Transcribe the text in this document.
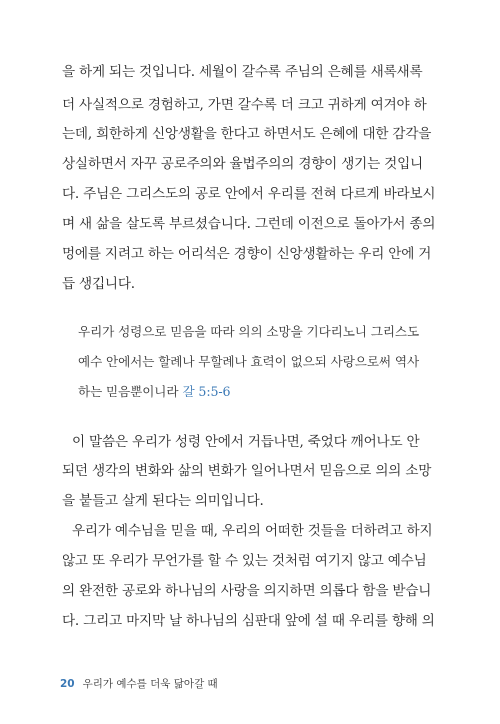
을 하게 되는 것입니다. 세월이 갈수록 주님의 은혜를 새록새록
더 사실적으로 경험하고, 가면 갈수록 더 크고 귀하게 여겨야 하
는데, 희한하게 신앙생활을 한다고 하면서도 은혜에 대한 감각을
상실하면서 자꾸 공로주의와 율법주의의 경향이 생기는 것입니
다. 주님은 그리스도의 공로 안에서 우리를 전혀 다르게 바라보시
며 새 삶을 살도록 부르셨습니다. 그런데 이전으로 돌아가서 종의
멍에를 지려고 하는 어리석은 경향이 신앙생활하는 우리 안에 거
듭 생깁니다.
우리가 성령으로 믿음을 따라 의의 소망을 기다리노니 그리스도
예수 안에서는 할례나 무할례나 효력이 없으되 사랑으로써 역사
하는 믿음뿐이니라 갈 5:5-6
이 말씀은 우리가 성령 안에서 거듭나면, 죽었다 깨어나도 안
되던 생각의 변화와 삶의 변화가 일어나면서 믿음으로 의의 소망
을 붙들고 살게 된다는 의미입니다.
우리가 예수님을 믿을 때, 우리의 어떠한 것들을 더하려고 하지
않고 또 우리가 무언가를 할 수 있는 것처럼 여기지 않고 예수님
의 완전한 공로와 하나님의 사랑을 의지하면 의롭다 함을 받습니
다. 그리고 마지막 날 하나님의 심판대 앞에 설 때 우리를 향해 의
20 우리가 예수를 더욱 닮아갈 때
